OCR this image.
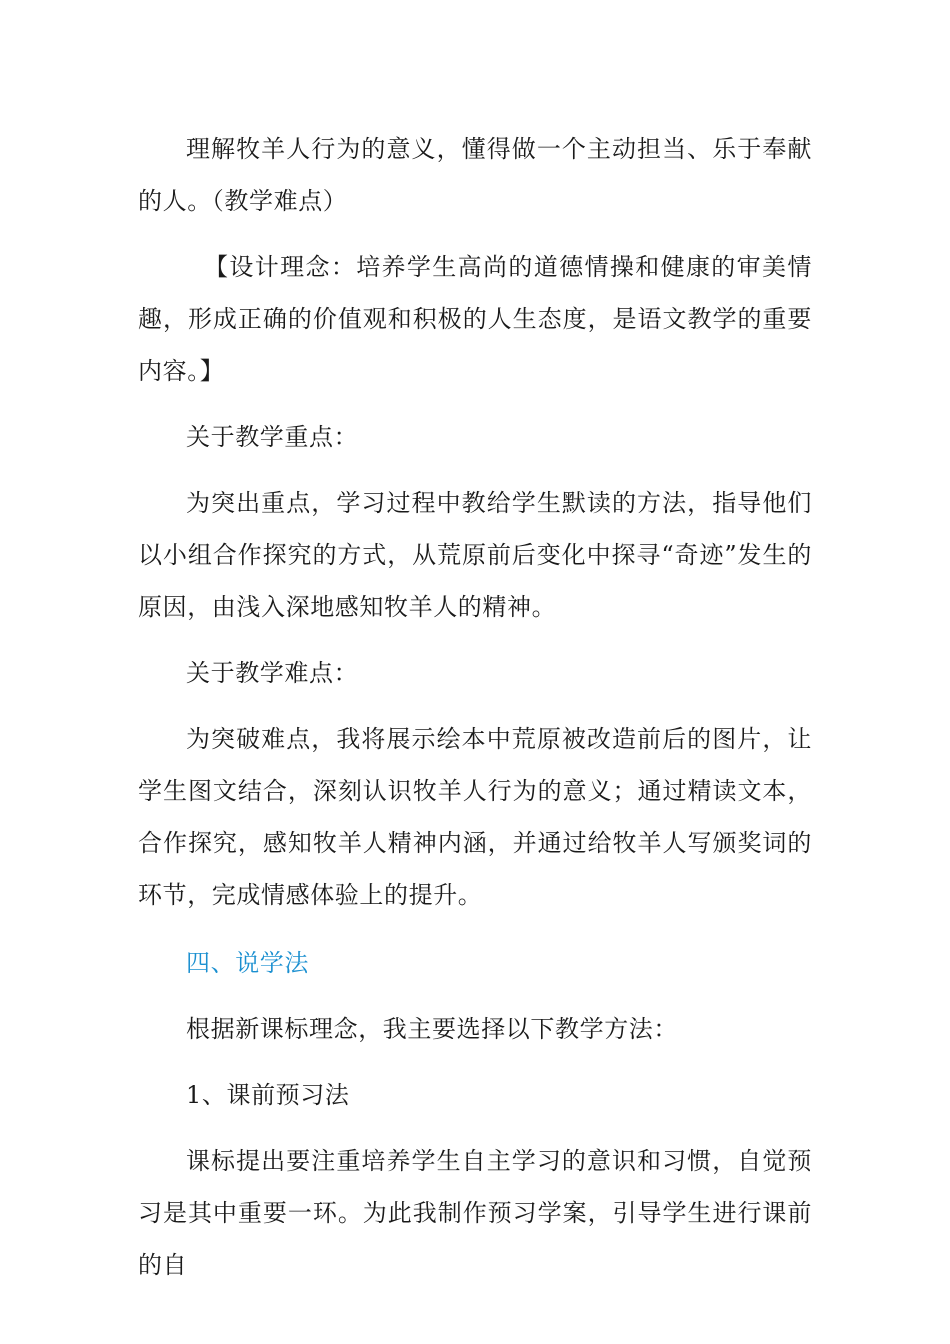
理解牧羊人行为的意义，懂得做一个主动担当、乐于奉献的人。（教学难点）

【设计理念：培养学生高尚的道德情操和健康的审美情趣，形成正确的价值观和积极的人生态度，是语文教学的重要内容。】

关于教学重点：

为突出重点，学习过程中教给学生默读的方法，指导他们以小组合作探究的方式，从荒原前后变化中探寻“奇迹”发生的原因，由浅入深地感知牧羊人的精神。

关于教学难点：

为突破难点，我将展示绘本中荒原被改造前后的图片，让学生图文结合，深刻认识牧羊人行为的意义；通过精读文本，合作探究，感知牧羊人精神内涵，并通过给牧羊人写颁奖词的环节，完成情感体验上的提升。

四、说学法

根据新课标理念，我主要选择以下教学方法：

1、课前预习法

课标提出要注重培养学生自主学习的意识和习惯，自觉预习是其中重要一环。为此我制作预习学案，引导学生进行课前的自
